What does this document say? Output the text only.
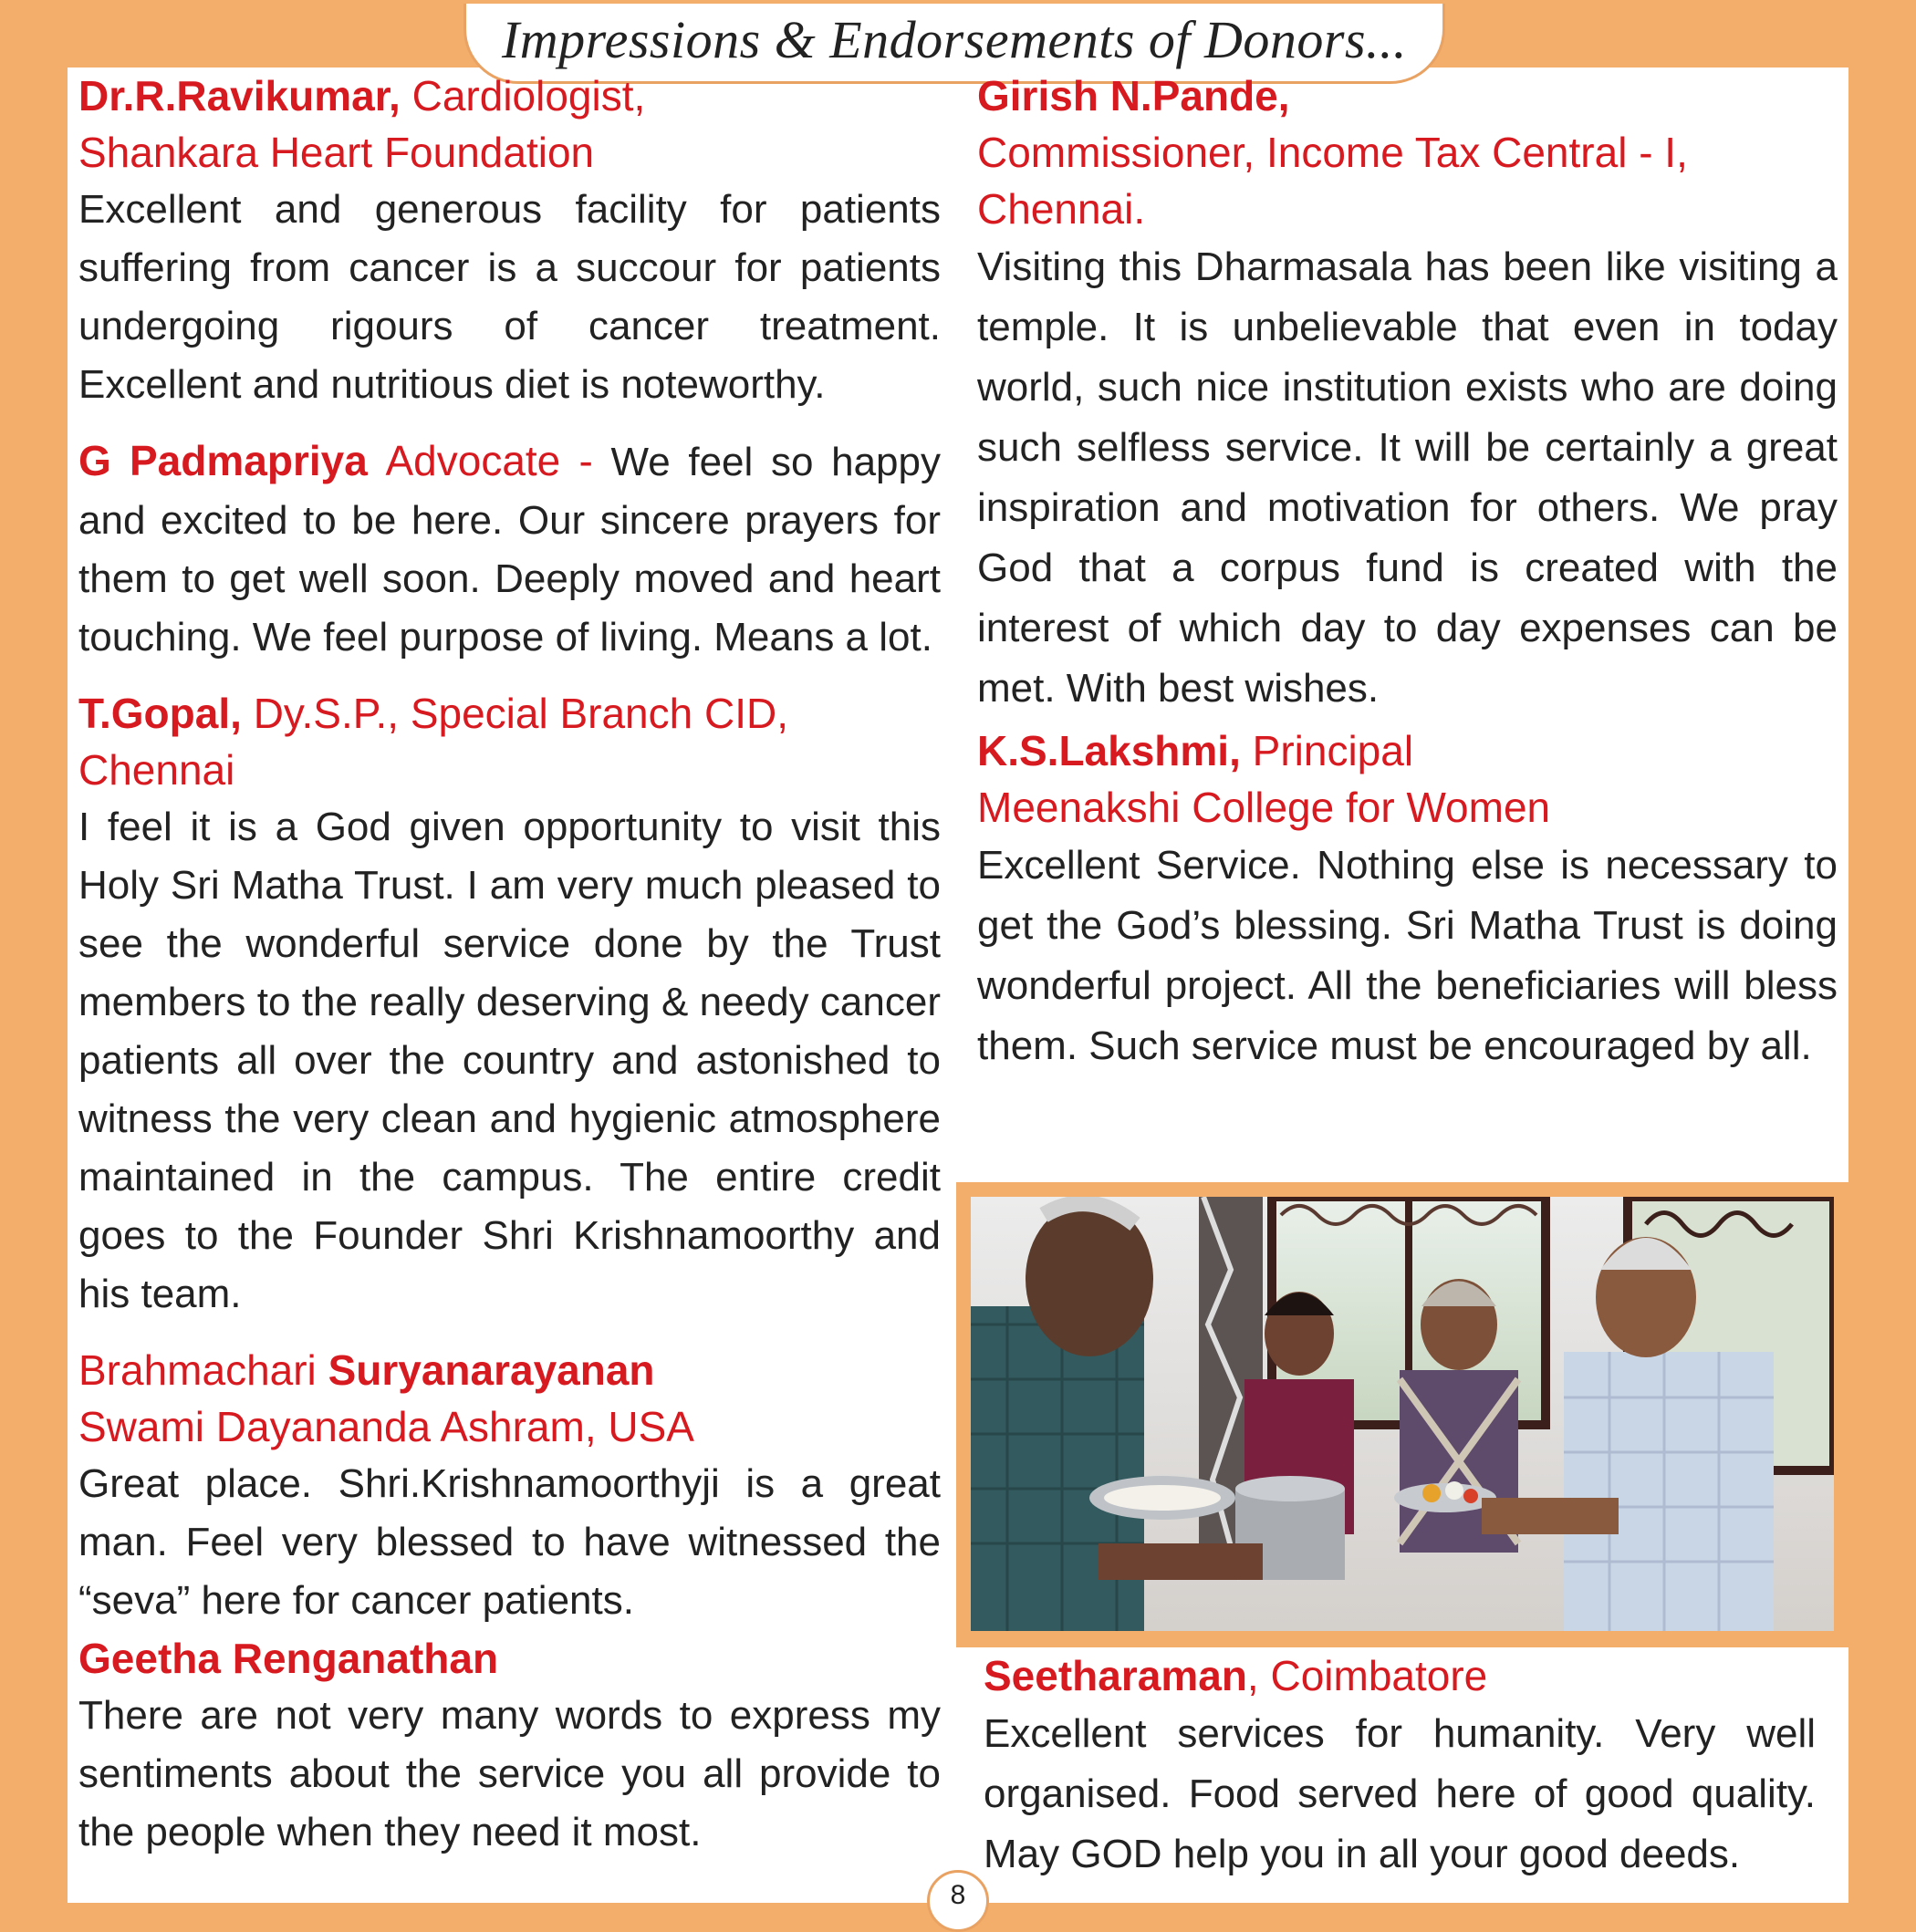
Impressions & Endorsements of Donors...
Dr.R.Ravikumar, Cardiologist,
Shankara Heart Foundation
Excellent and generous facility for patients suffering from cancer is a succour for patients undergoing rigours of cancer treatment. Excellent and nutritious diet is noteworthy.
G Padmapriya Advocate - We feel so happy and excited to be here. Our sincere prayers for them to get well soon. Deeply moved and heart touching. We feel purpose of living. Means a lot.
T.Gopal, Dy.S.P., Special Branch CID, Chennai
I feel it is a God given opportunity to visit this Holy Sri Matha Trust. I am very much pleased to see the wonderful service done by the Trust members to the really deserving & needy cancer patients all over the country and astonished to witness the very clean and hygienic atmosphere maintained in the campus. The entire credit goes to the Founder Shri Krishnamoorthy and his team.
Brahmachari Suryanarayanan
Swami Dayananda Ashram, USA
Great place. Shri.Krishnamoorthyji is a great man. Feel very blessed to have witnessed the “seva” here for cancer patients.
Geetha Renganathan
There are not very many words to express my sentiments about the service you all provide to the people when they need it most.
Girish N.Pande,
Commissioner, Income Tax Central - I,
Chennai.
Visiting this Dharmasala has been like visiting a temple. It is unbelievable that even in today world, such nice institution exists who are doing such selfless service. It will be certainly a great inspiration and motivation for others. We pray God that a corpus fund is created with the interest of which day to day expenses can be met. With best wishes.
K.S.Lakshmi, Principal
Meenakshi College for Women
Excellent Service. Nothing else is necessary to get the God’s blessing. Sri Matha Trust is doing wonderful project. All the beneficiaries will bless them. Such service must be encouraged by all.
Seetharaman, Coimbatore
Excellent services for humanity. Very well organised. Food served here of good quality. May GOD help you in all your good deeds.
8
